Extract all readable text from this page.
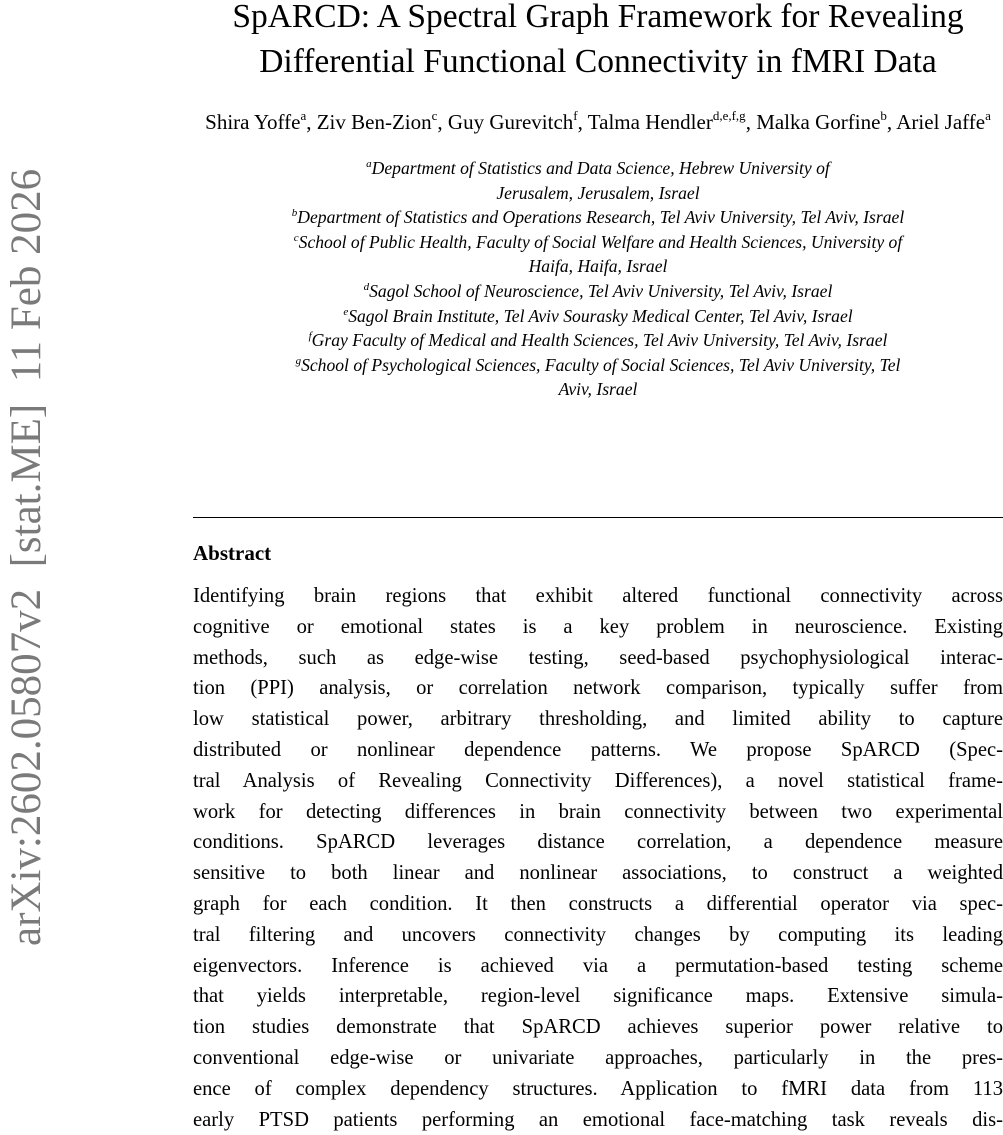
arXiv:2602.05807v2  [stat.ME]  11 Feb 2026
SpARCD: A Spectral Graph Framework for Revealing
Differential Functional Connectivity in fMRI Data
Shira Yoffe$^a$, Ziv Ben-Zion$^c$, Guy Gurevitch$^f$, Talma Hendler$^{d,e,f,g}$, Malka Gorfine$^b$, Ariel Jaffe$^a$
$^a$Department of Statistics and Data Science, Hebrew University of
Jerusalem, Jerusalem, Israel
$^b$Department of Statistics and Operations Research, Tel Aviv University, Tel Aviv, Israel
$^c$School of Public Health, Faculty of Social Welfare and Health Sciences, University of
Haifa, Haifa, Israel
$^d$Sagol School of Neuroscience, Tel Aviv University, Tel Aviv, Israel
$^e$Sagol Brain Institute, Tel Aviv Sourasky Medical Center, Tel Aviv, Israel
$^f$Gray Faculty of Medical and Health Sciences, Tel Aviv University, Tel Aviv, Israel
$^g$School of Psychological Sciences, Faculty of Social Sciences, Tel Aviv University, Tel
Aviv, Israel
Abstract
Identifying brain regions that exhibit altered functional connectivity across
cognitive or emotional states is a key problem in neuroscience. Existing
methods, such as edge-wise testing, seed-based psychophysiological interac-
tion (PPI) analysis, or correlation network comparison, typically suffer from
low statistical power, arbitrary thresholding, and limited ability to capture
distributed or nonlinear dependence patterns. We propose SpARCD (Spec-
tral Analysis of Revealing Connectivity Differences), a novel statistical frame-
work for detecting differences in brain connectivity between two experimental
conditions. SpARCD leverages distance correlation, a dependence measure
sensitive to both linear and nonlinear associations, to construct a weighted
graph for each condition. It then constructs a differential operator via spec-
tral filtering and uncovers connectivity changes by computing its leading
eigenvectors. Inference is achieved via a permutation-based testing scheme
that yields interpretable, region-level significance maps. Extensive simula-
tion studies demonstrate that SpARCD achieves superior power relative to
conventional edge-wise or univariate approaches, particularly in the pres-
ence of complex dependency structures. Application to fMRI data from 113
early PTSD patients performing an emotional face-matching task reveals dis-
